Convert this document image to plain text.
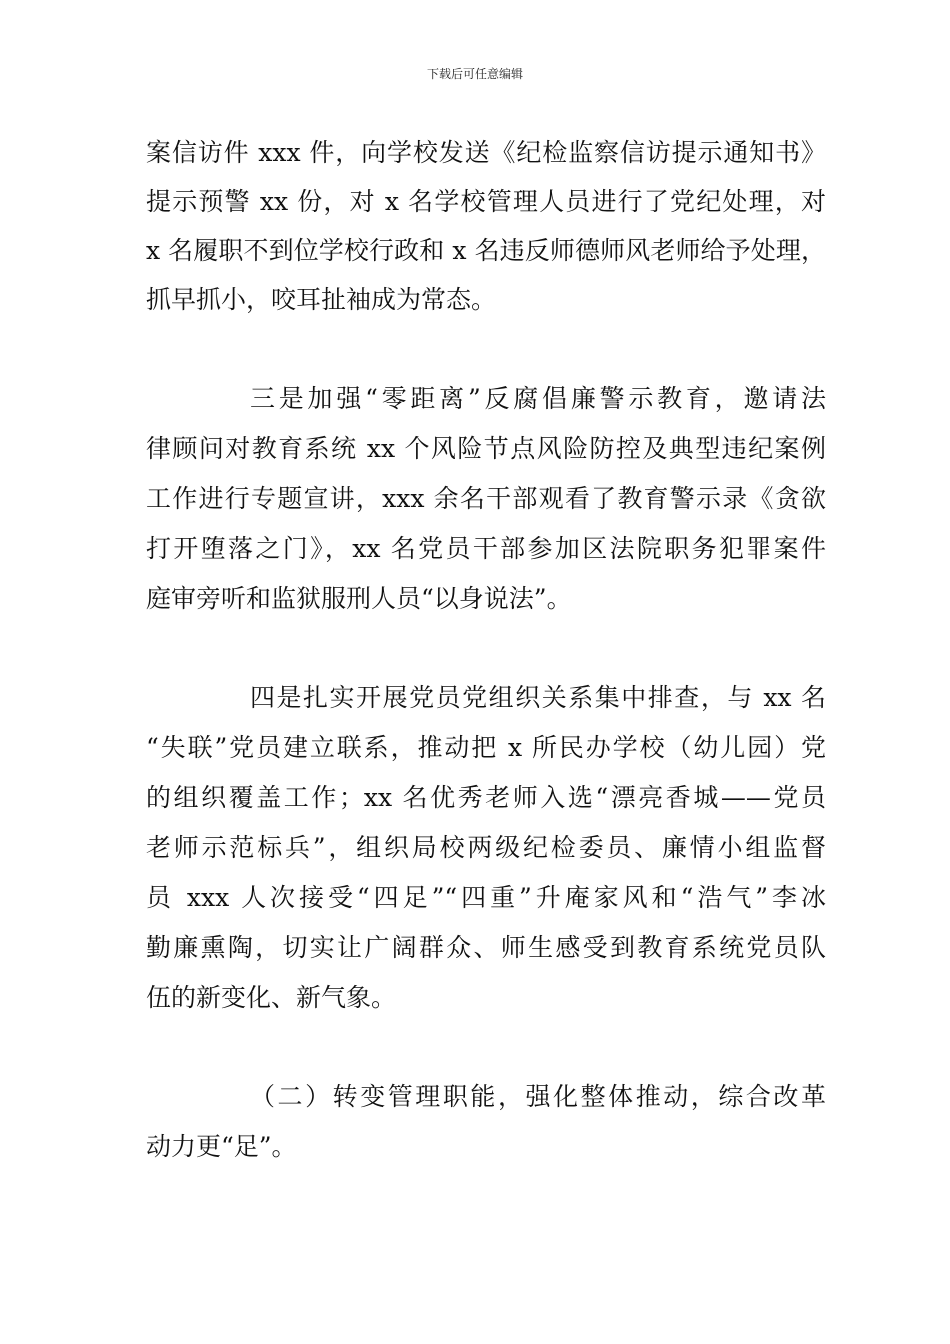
下载后可任意编辑
案信访件 xxx 件，向学校发送《纪检监察信访提示通知书》
提示预警 xx 份，对 x 名学校管理人员进行了党纪处理，对
x 名履职不到位学校行政和 x 名违反师德师风老师给予处理，
抓早抓小，咬耳扯袖成为常态。
三是加强“零距离”反腐倡廉警示教育，邀请法
律顾问对教育系统 xx 个风险节点风险防控及典型违纪案例
工作进行专题宣讲，xxx 余名干部观看了教育警示录《贪欲
打开堕落之门》，xx 名党员干部参加区法院职务犯罪案件
庭审旁听和监狱服刑人员“以身说法”。
四是扎实开展党员党组织关系集中排查，与 xx 名
“失联”党员建立联系，推动把 x 所民办学校（幼儿园）党
的组织覆盖工作；xx 名优秀老师入选“漂亮香城——党员
老师示范标兵”，组织局校两级纪检委员、廉情小组监督
员 xxx 人次接受“四足”“四重”升庵家风和“浩气”李冰
勤廉熏陶，切实让广阔群众、师生感受到教育系统党员队
伍的新变化、新气象。
（二）转变管理职能，强化整体推动，综合改革
动力更“足”。
